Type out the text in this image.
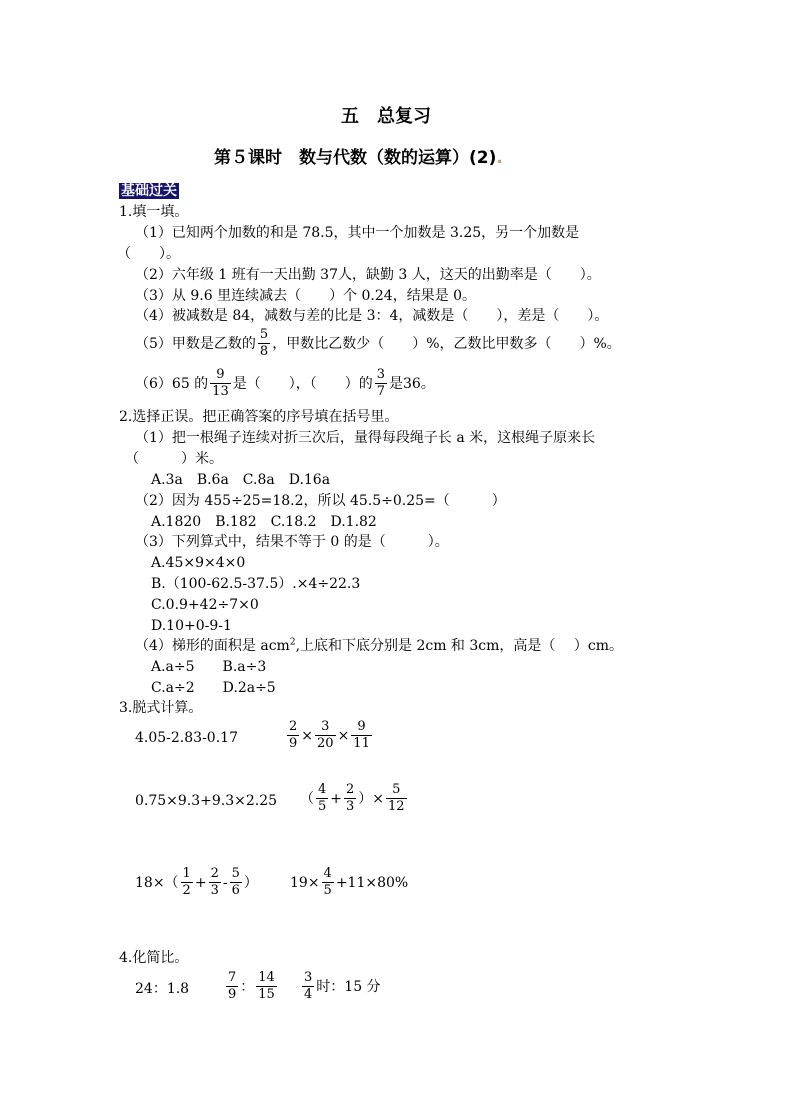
五　总复习
第５课时　数与代数（数的运算）(2).
基础过关
1.填一填。
（1）已知两个加数的和是 78.5，其中一个加数是 3.25，另一个加数是
（　　）。
（2）六年级 1 班有一天出勤 37人，缺勤 3 人，这天的出勤率是（　　）。
（3）从 9.6 里连续减去（　　）个 0.24，结果是 0。
（4）被减数是 84，减数与差的比是 3：4，减数是（　　），差是（　　）。
（5）甲数是乙数的 $\frac{5}{8}$ ，甲数比乙数少（　　）%，乙数比甲数多（　　）%。
（6）65 的 $\frac{9}{13}$ 是（　　），（　　）的 $\frac{3}{7}$ 是36。
2.选择正误。把正确答案的序号填在括号里。
（1）把一根绳子连续对折三次后，量得每段绳子长 a 米，这根绳子原来长
（　　　）米。
A.3a　B.6a　C.8a　D.16a
（2）因为 455÷25=18.2，所以 45.5÷0.25=（　　　）
A.1820　B.182　C.18.2　D.1.82
（3）下列算式中，结果不等于 0 的是（　　　）。
A.45×9×4×0
B.（100-62.5-37.5）.×4÷22.3
C.0.9+42÷7×0
D.10+0-9-1
（4）梯形的面积是 acm$^2$,上底和下底分别是 2cm 和 3cm，高是（　 ）cm。
A.a÷5　　B.a÷3
C.a÷2　　D.2a÷5
3.脱式计算。
4.05-2.83-0.17	$\frac{2}{9} \times \frac{3}{20} \times \frac{9}{11}$
0.75×9.3+9.3×2.25 （ $\frac{4}{5} + \frac{2}{3}$ ）× $\frac{5}{12}$
$18\times( \frac{1}{2} + \frac{2}{3} - \frac{5}{6}$ ） $19\times \frac{4}{5} +11\times 80\%$
4.化简比。
24：1.8	$\frac{7}{9}$ ： $\frac{14}{15} \frac{3}{4}$ 时：15 分
